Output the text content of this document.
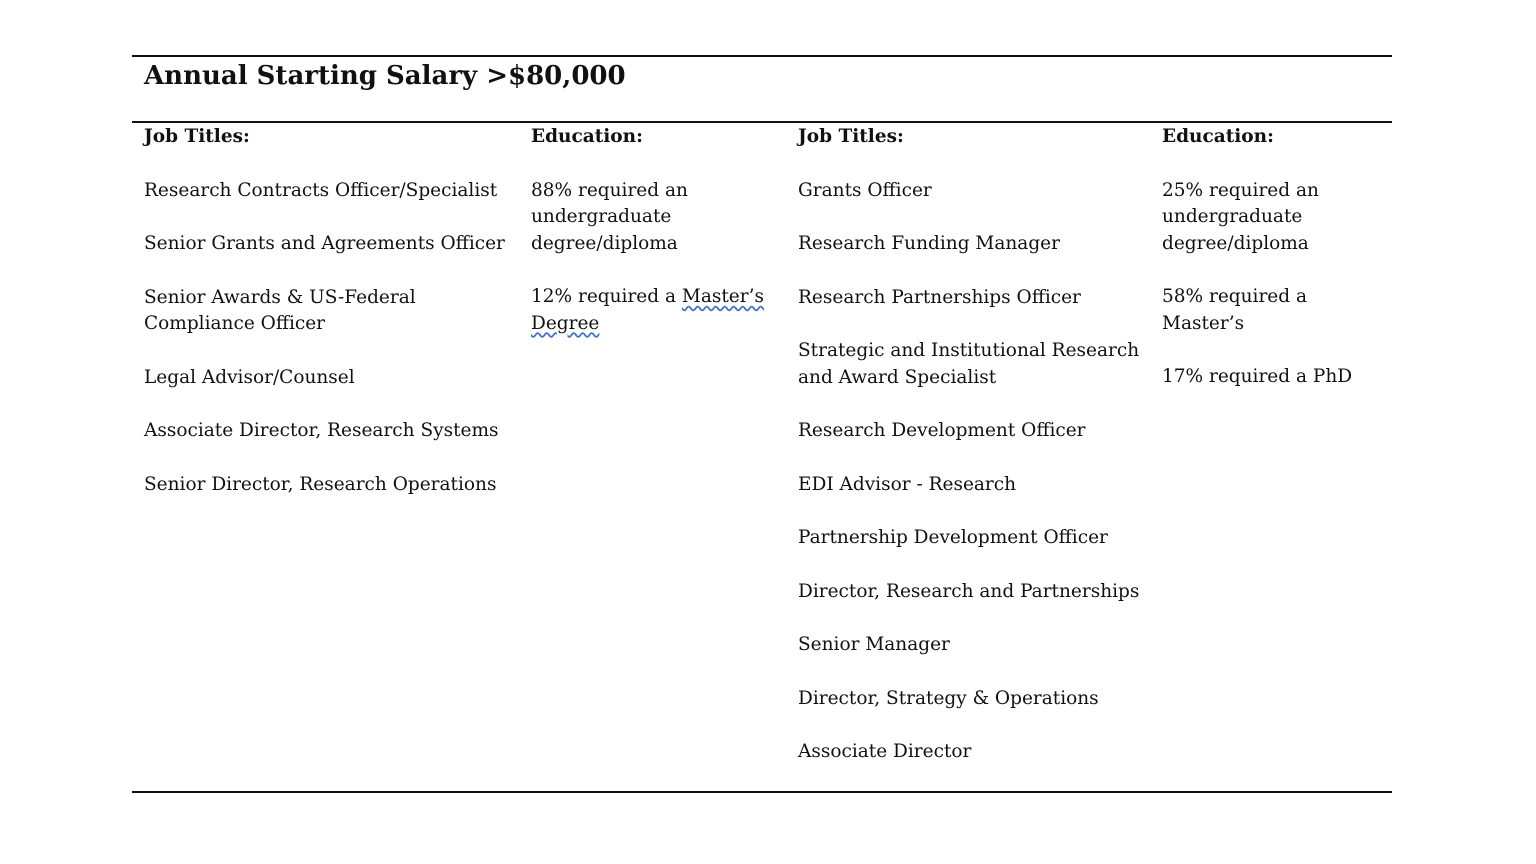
Annual Starting Salary >$80,000
Job Titles:
Research Contracts Officer/Specialist
Senior Grants and Agreements Officer
Senior Awards & US-Federal Compliance Officer
Legal Advisor/Counsel
Associate Director, Research Systems
Senior Director, Research Operations
Education:
88% required an undergraduate degree/diploma
12% required a Master’s Degree
Job Titles:
Grants Officer
Research Funding Manager
Research Partnerships Officer
Strategic and Institutional Research and Award Specialist
Research Development Officer
EDI Advisor - Research
Partnership Development Officer
Director, Research and Partnerships
Senior Manager
Director, Strategy & Operations
Associate Director
Education:
25% required an undergraduate degree/diploma
58% required a Master’s
17% required a PhD
